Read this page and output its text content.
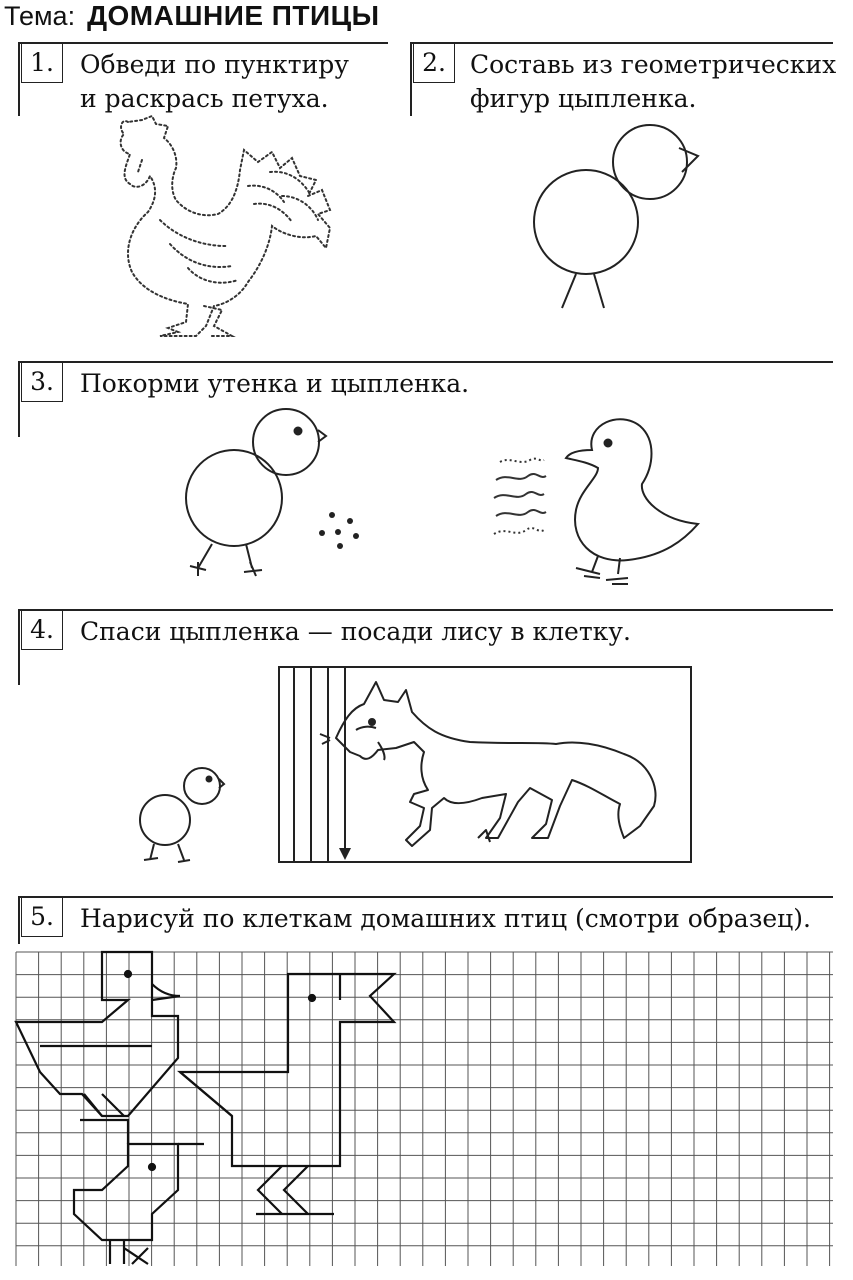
Тема: ДОМАШНИЕ ПТИЦЫ
1.	Обведи по пунктиру
и раскрась петуха.
2. Составь из геометрических
фигур цыпленка.
3.	Покорми утенка и цыпленка.
4.	Спаси цыпленка — посади лису в клетку.
5.	Нарисуй по клеткам домашних птиц (смотри образец).
